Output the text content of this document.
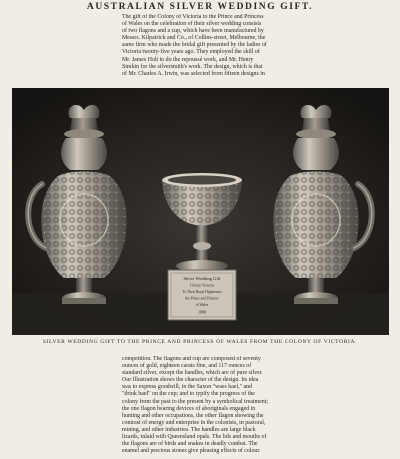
AUSTRALIAN SILVER WEDDING GIFT.

The gift of the Colony of Victoria to the Prince and Princess

of Wales on the celebration of their silver wedding consists

of two flagons and a cup, which have been manufactured by

Messrs. Kilpatrick and Co., of Collins-street, Melbourne, the

same firm who made the bridal gift presented by the ladies of

Victoria twenty-five years ago. They employed the skill of

Mr. James Holt to do the repoussé work, and Mr. Henry

Simkin for the silversmith's work. The design, which is that

of Mr. Charles A. Irwin, was selected from fifteen designs in

Silver Wedding Gift
Colony Victoria
To Their Royal Highnesses
the Prince and Princess
of Wales
1888
SILVER WEDDING GIFT TO THE PRINCE AND PRINCESS OF WALES FROM THE COLONY OF VICTORIA.

competition. The flagons and cup are composed of seventy

ounces of gold, eighteen carats fine, and 117 ounces of

standard silver, except the handles, which are of pure silver.

Our Illustration shows the character of the design. Its idea

was to express goodwill, in the Saxon "waes hael," and

"drink hael" on the cup; and to typify the progress of the

colony from the past to the present by a symbolical treatment;

the one flagon bearing devices of aboriginals engaged in

hunting and other occupations, the other flagon showing the

contrast of energy and enterprise in the colonists, in pastoral,

mining, and other industries. The handles are large black

lizards, inlaid with Queensland opals. The lids and mouths of

the flagons are of birds and snakes in deadly combat. The

enamel and precious stones give pleasing effects of colour.
